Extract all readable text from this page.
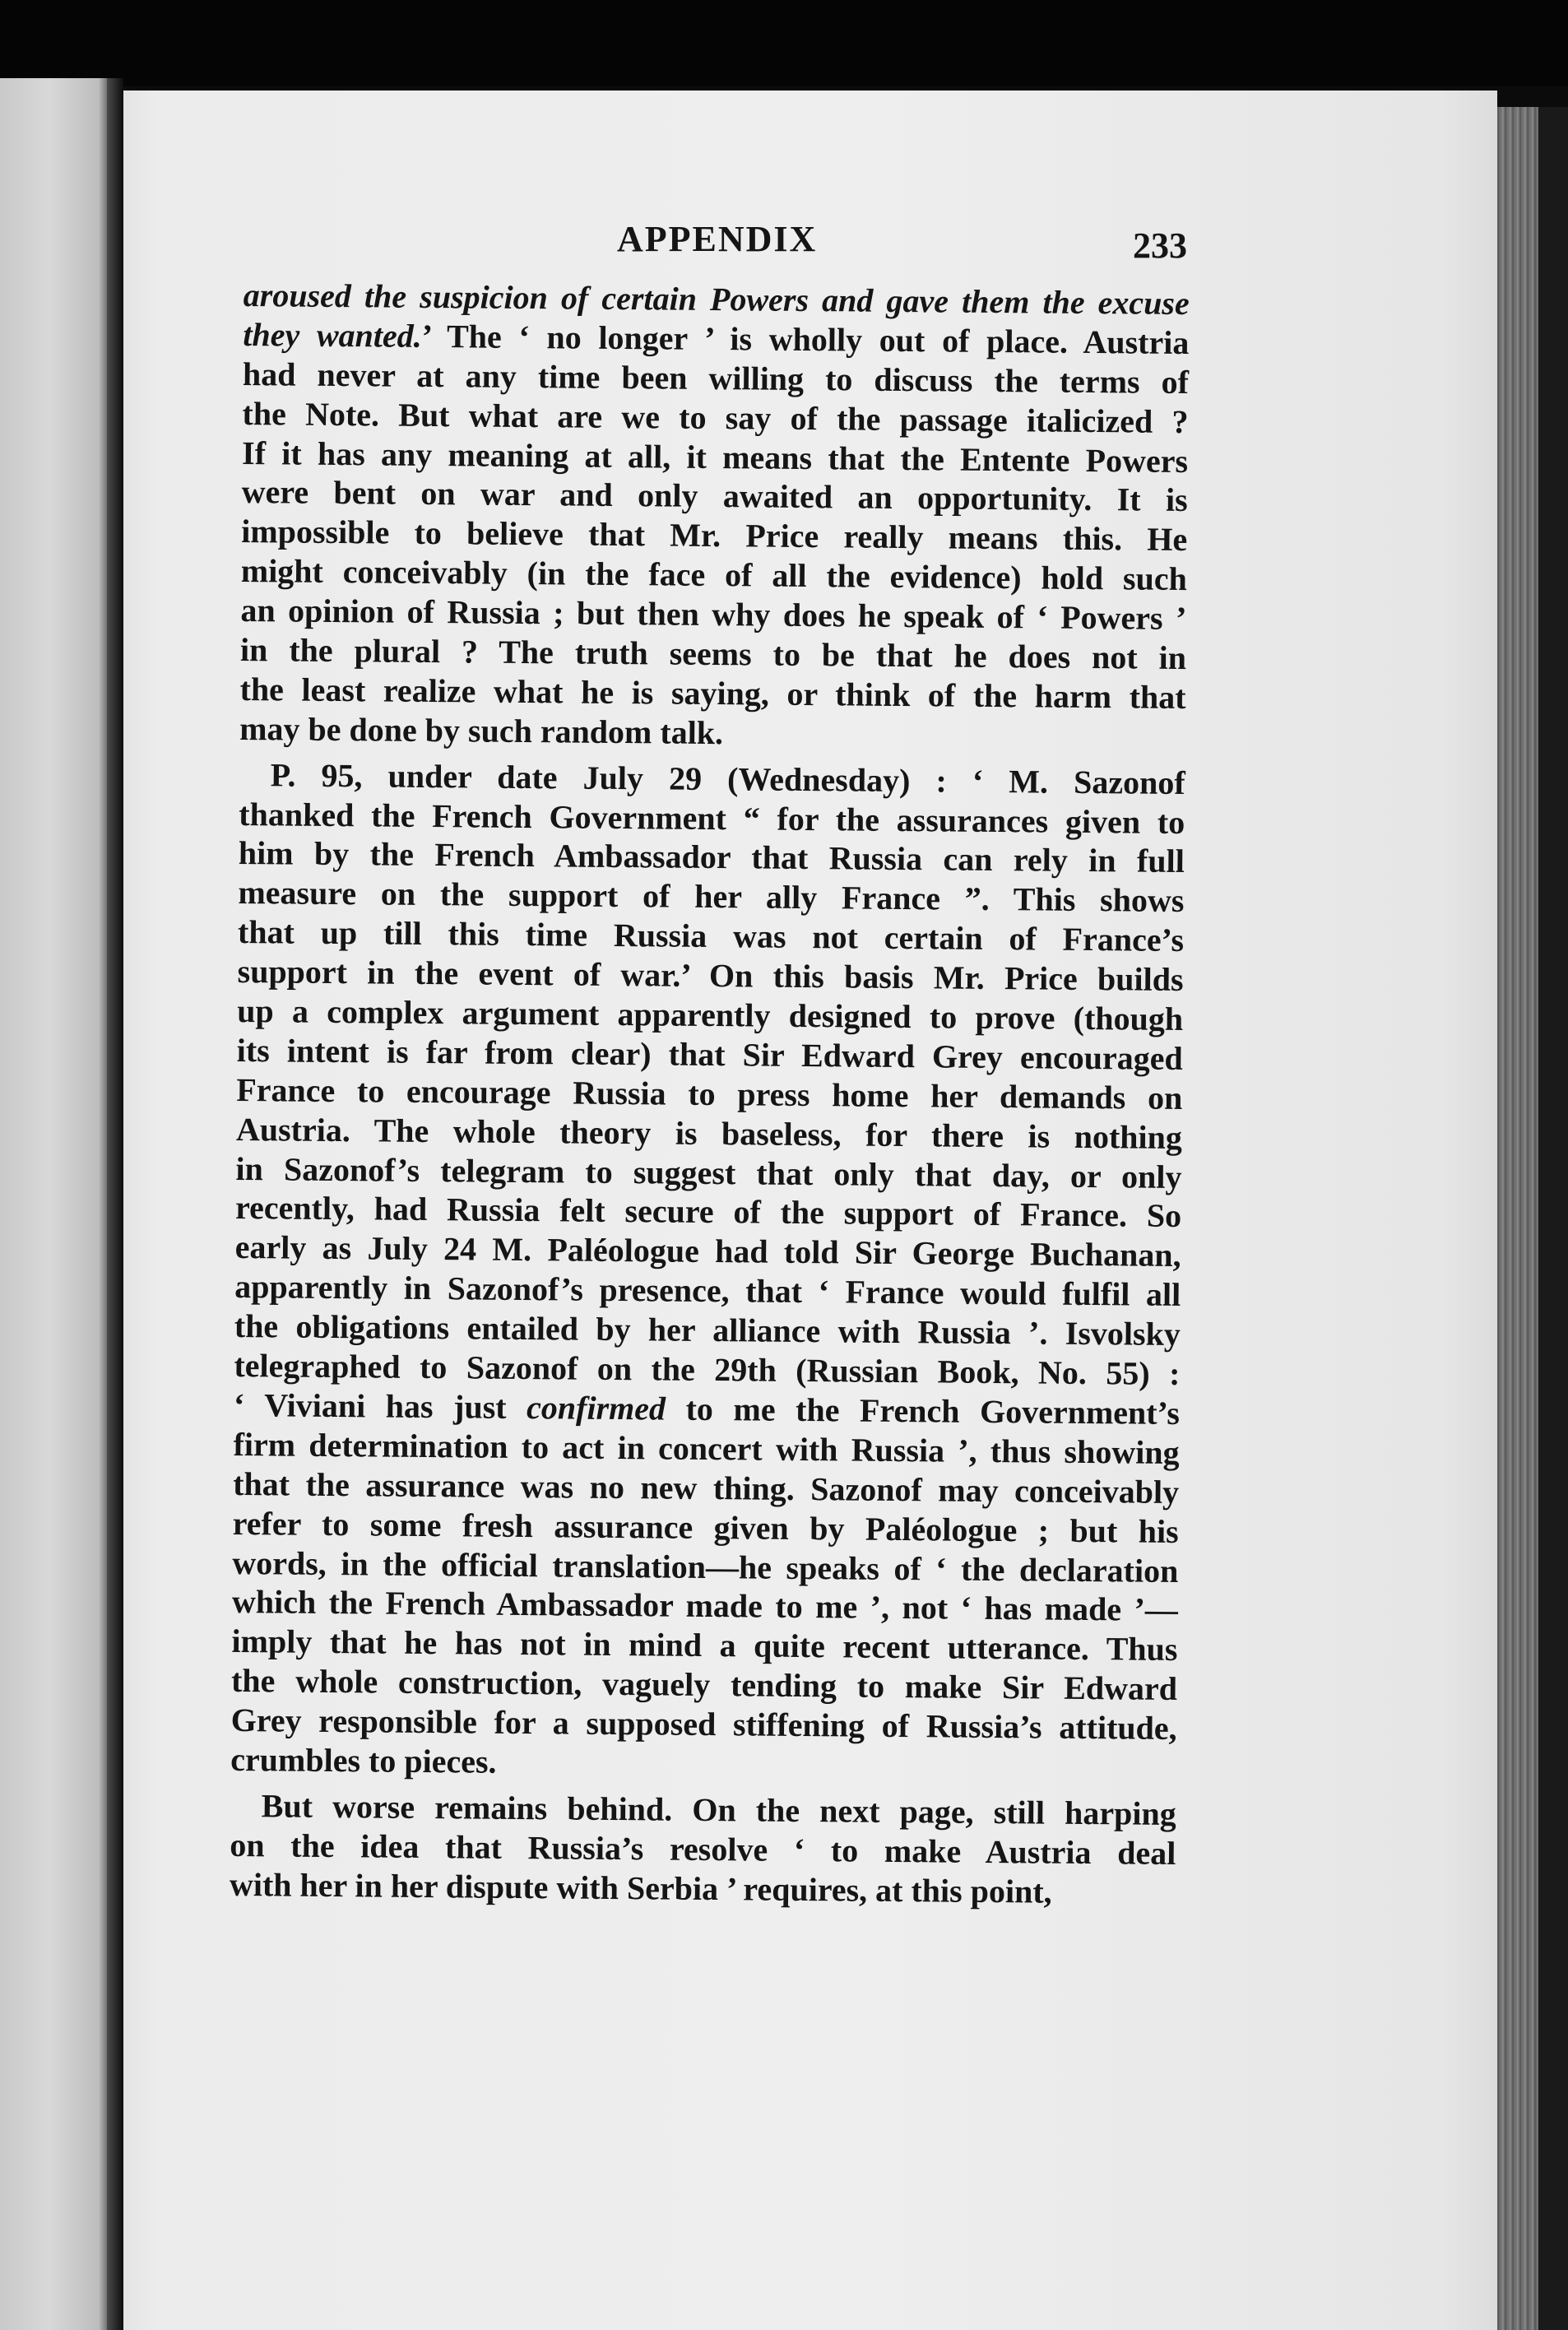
APPENDIX	233
aroused the suspicion of certain Powers and gave them the excuse
they wanted.’ The ‘ no longer ’ is wholly out of place. Austria
had never at any time been willing to discuss the terms of
the Note. But what are we to say of the passage italicized ?
If it has any meaning at all, it means that the Entente Powers
were bent on war and only awaited an opportunity. It is
impossible to believe that Mr. Price really means this. He
might conceivably (in the face of all the evidence) hold such
an opinion of Russia ; but then why does he speak of ‘ Powers ’
in the plural ? The truth seems to be that he does not in
the least realize what he is saying, or think of the harm that
may be done by such random talk.
P. 95, under date July 29 (Wednesday) : ‘ M. Sazonof
thanked the French Government “ for the assurances given to
him by the French Ambassador that Russia can rely in full
measure on the support of her ally France ”. This shows
that up till this time Russia was not certain of France’s
support in the event of war.’ On this basis Mr. Price builds
up a complex argument apparently designed to prove (though
its intent is far from clear) that Sir Edward Grey encouraged
France to encourage Russia to press home her demands on
Austria. The whole theory is baseless, for there is nothing
in Sazonof’s telegram to suggest that only that day, or only
recently, had Russia felt secure of the support of France. So
early as July 24 M. Paléologue had told Sir George Buchanan,
apparently in Sazonof’s presence, that ‘ France would fulfil all
the obligations entailed by her alliance with Russia ’. Isvolsky
telegraphed to Sazonof on the 29th (Russian Book, No. 55) :
‘ Viviani has just confirmed to me the French Government’s
firm determination to act in concert with Russia ’, thus showing
that the assurance was no new thing. Sazonof may conceivably
refer to some fresh assurance given by Paléologue ; but his
words, in the official translation—he speaks of ‘ the declaration
which the French Ambassador made to me ’, not ‘ has made ’—
imply that he has not in mind a quite recent utterance. Thus
the whole construction, vaguely tending to make Sir Edward
Grey responsible for a supposed stiffening of Russia’s attitude,
crumbles to pieces.
But worse remains behind. On the next page, still harping
on the idea that Russia’s resolve ‘ to make Austria deal
with her in her dispute with Serbia ’ requires, at this point,
